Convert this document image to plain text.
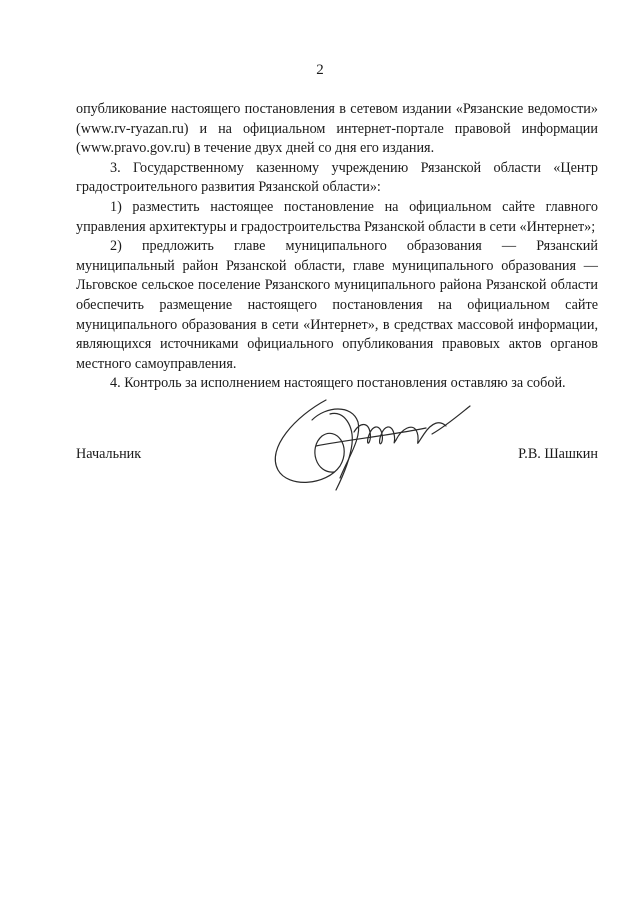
2

опубликование настоящего постановления в сетевом издании «Рязанские ведомости» (www.rv-ryazan.ru) и на официальном интернет-портале правовой информации (www.pravo.gov.ru) в течение двух дней со дня его издания.

3. Государственному казенному учреждению Рязанской области «Центр градостроительного развития Рязанской области»:

1) разместить настоящее постановление на официальном сайте главного управления архитектуры и градостроительства Рязанской области в сети «Интернет»;

2) предложить главе муниципального образования — Рязанский муниципальный район Рязанской области, главе муниципального образования — Льговское сельское поселение Рязанского муниципального района Рязанской области обеспечить размещение настоящего постановления на официальном сайте муниципального образования в сети «Интернет», в средствах массовой информации, являющихся источниками официального опубликования правовых актов органов местного самоуправления.

4. Контроль за исполнением настоящего постановления оставляю за собой.

Начальник	Р.В. Шашкин
